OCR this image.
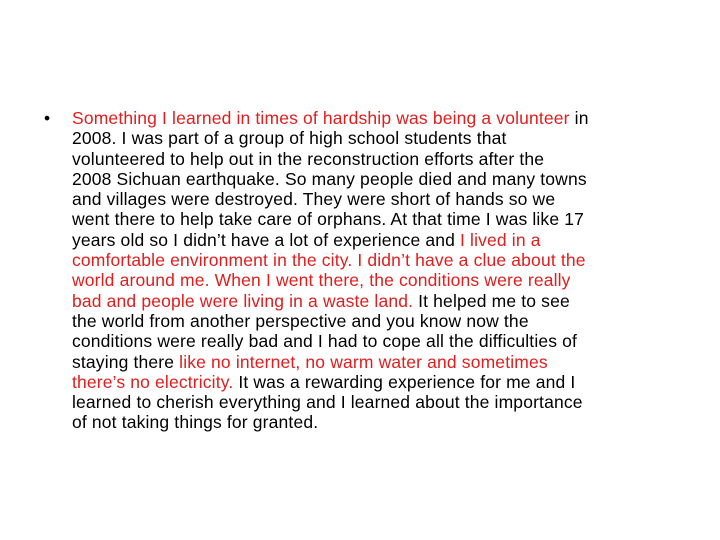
•	Something I learned in times of hardship was being a volunteer in
2008. I was part of a group of high school students that
volunteered to help out in the reconstruction efforts after the
2008 Sichuan earthquake. So many people died and many towns
and villages were destroyed. They were short of hands so we
went there to help take care of orphans. At that time I was like 17
years old so I didn’t have a lot of experience and I lived in a
comfortable environment in the city. I didn’t have a clue about the
world around me. When I went there, the conditions were really
bad and people were living in a waste land. It helped me to see
the world from another perspective and you know now the
conditions were really bad and I had to cope all the difficulties of
staying there like no internet, no warm water and sometimes
there’s no electricity. It was a rewarding experience for me and I
learned to cherish everything and I learned about the importance
of not taking things for granted.
